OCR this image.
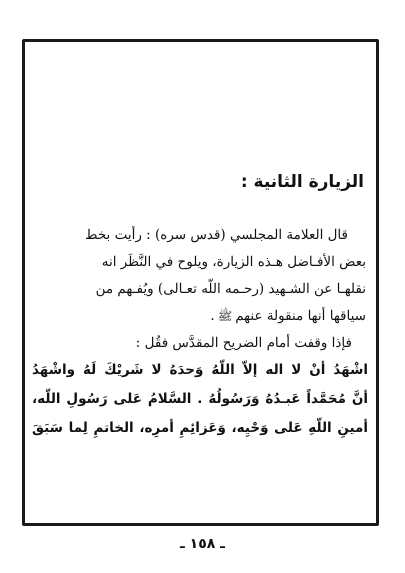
الزيارة الثانية :
قال العلامة المجلسي (قدس سره) : رأيت بخط
بعض الأفـاضل هـذه الزيارة، ويلوح في النَّظَر انه
نقلهـا عن الشـهيد (رحـمه اللّه تعـالى) ويُفـهم من
سياقها أنها منقولة عنهمﷺ.
فإذا وقفت أمام الضريح المقدَّس فقُل :
اشْهَدُ أنْ لا اله إلاّ اللّهُ وَحدَهُ لا شَريْكَ لَهُ واشْهَدُ
أنَّ مُحَمَّداً عَبـدُهُ وَرَسُولُهُ . السَّلامُ عَلى رَسُولِ اللّه،
أمينِ اللّهِ عَلى وَحْيِه، وَعَزائِمِ أمرِه، الخاتمِ لِما سَبَقَ
ـ ١٥٨ ـ
